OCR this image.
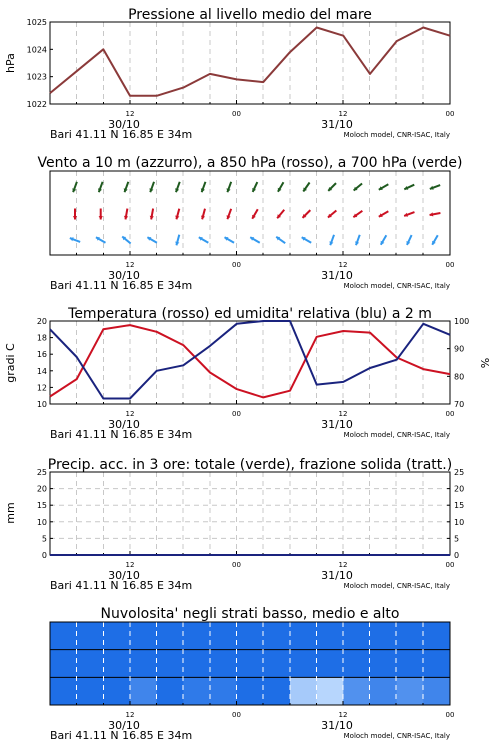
Pressione al livello medio del mare
1022
1023
1024
1025
hPa
12	00	12	00
30/10	31/10
Bari 41.11 N 16.85 E 34m	Moloch model, CNR-ISAC, Italy
Vento a 10 m (azzurro), a 850 hPa (rosso), a 700 hPa (verde)
12	00	12	00
30/10	31/10
Bari 41.11 N 16.85 E 34m	Moloch model, CNR-ISAC, Italy
Temperatura (rosso) ed umidita' relativa (blu) a 2 m
10
12
14
16
18
20
70
80
90
100
gradi C	%
12	00	12	00
30/10	31/10
Bari 41.11 N 16.85 E 34m	Moloch model, CNR-ISAC, Italy
Precip. acc. in 3 ore: totale (verde), frazione solida (tratt.)
0
5
10
15
20
25
0
5
10
15
20
25
mm
12	00	12	00
30/10	31/10
Bari 41.11 N 16.85 E 34m	Moloch model, CNR-ISAC, Italy
Nuvolosita' negli strati basso, medio e alto
12	00	12	00
30/10	31/10
Bari 41.11 N 16.85 E 34m	Moloch model, CNR-ISAC, Italy
